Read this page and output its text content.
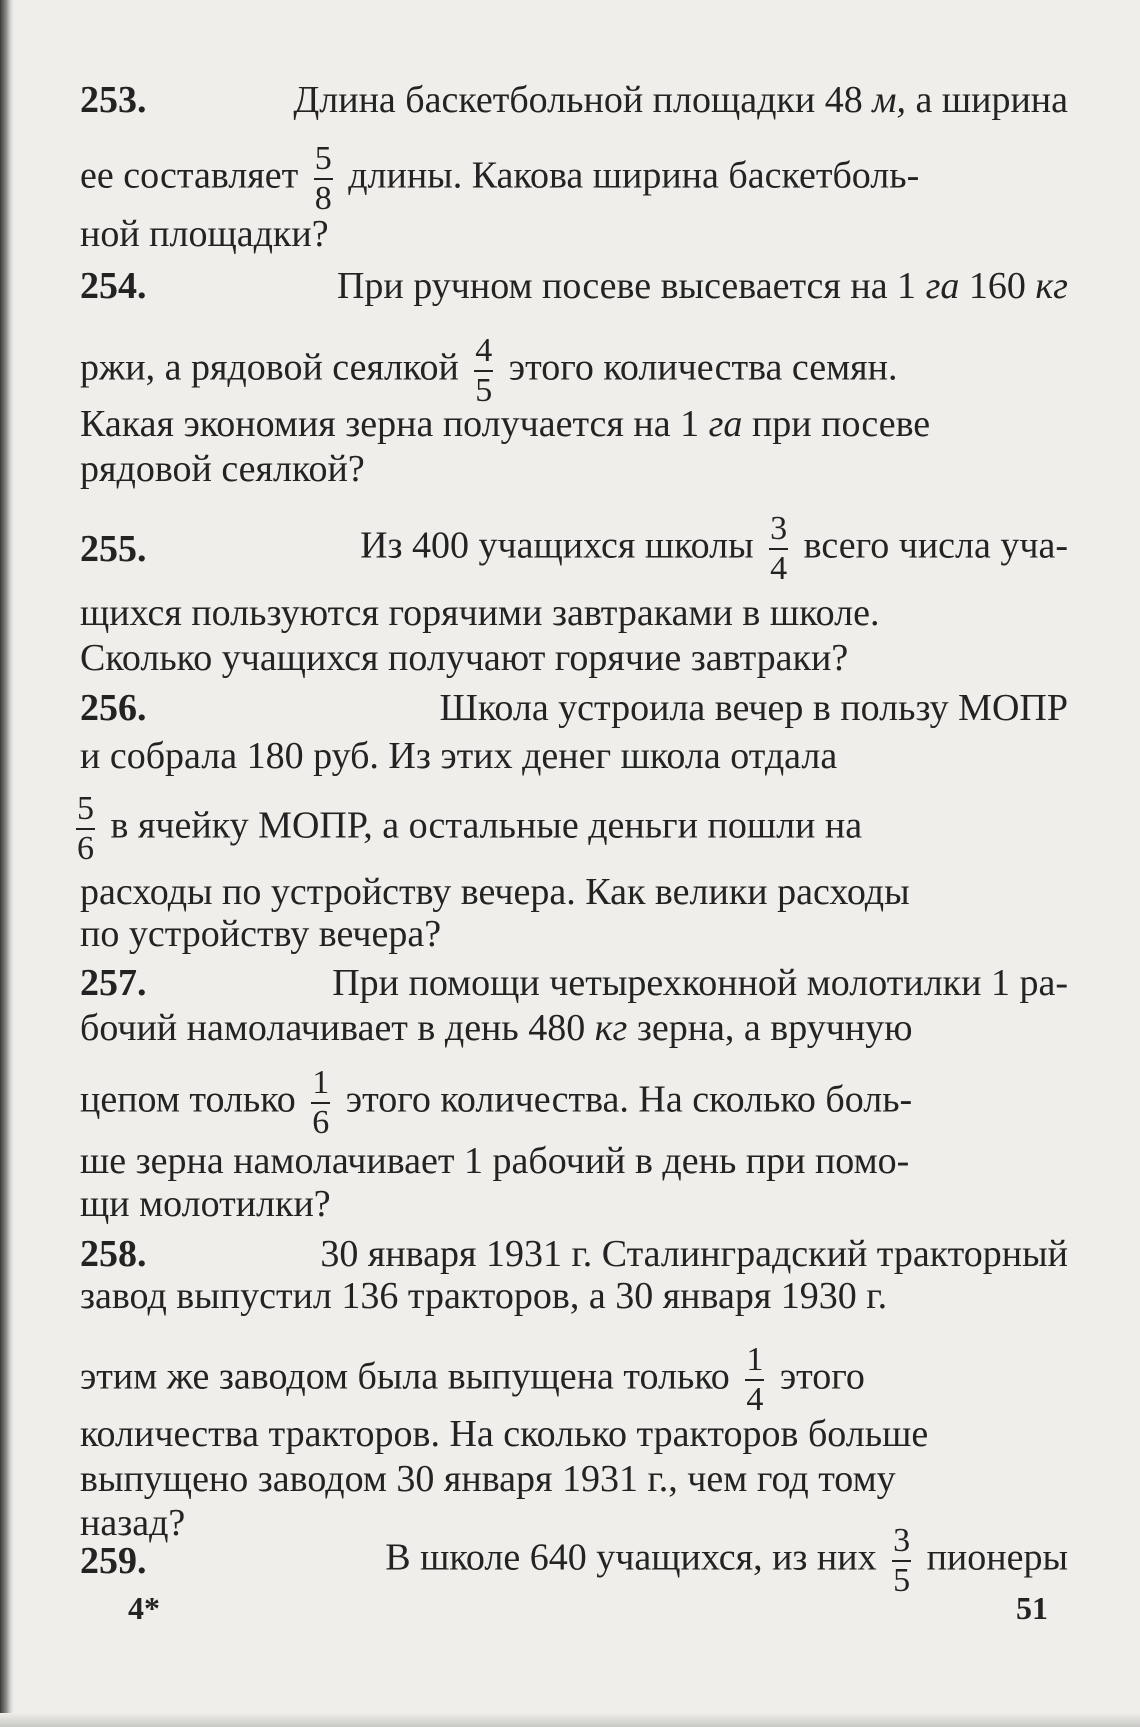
253.	Длина баскетбольной площадки 48 м, а ширина
ее составляет $\frac{5}{8}$ длины. Какова ширина баскетболь-
ной площадки?
254.	При ручном посеве высевается на 1 га 160 кг
ржи, а рядовой сеялкой $\frac{4}{5}$ этого количества семян.
Какая экономия зерна получается на 1 га при посеве
рядовой сеялкой?
255.	Из 400 учащихся школы $\frac{3}{4}$ всего числа уча-
щихся пользуются горячими завтраками в школе.
Сколько учащихся получают горячие завтраки?
256.	Школа устроила вечер в пользу МОПР
и собрала 180 руб. Из этих денег школа отдала
$\frac{5}{6}$ в ячейку МОПР, а остальные деньги пошли на
расходы по устройству вечера. Как велики расходы
по устройству вечера?
257.	При помощи четырехконной молотилки 1 ра-
бочий намолачивает в день 480 кг зерна, а вручную
цепом только $\frac{1}{6}$ этого количества. На сколько боль-
ше зерна намолачивает 1 рабочий в день при помо-
щи молотилки?
258.	30 января 1931 г. Сталинградский тракторный
завод выпустил 136 тракторов, а 30 января 1930 г.
этим же заводом была выпущена только $\frac{1}{4}$ этого
количества тракторов. На сколько тракторов больше
выпущено заводом 30 января 1931 г., чем год тому
назад?
259.	В школе 640 учащихся, из них $\frac{3}{5}$ пионеры
4*	51
